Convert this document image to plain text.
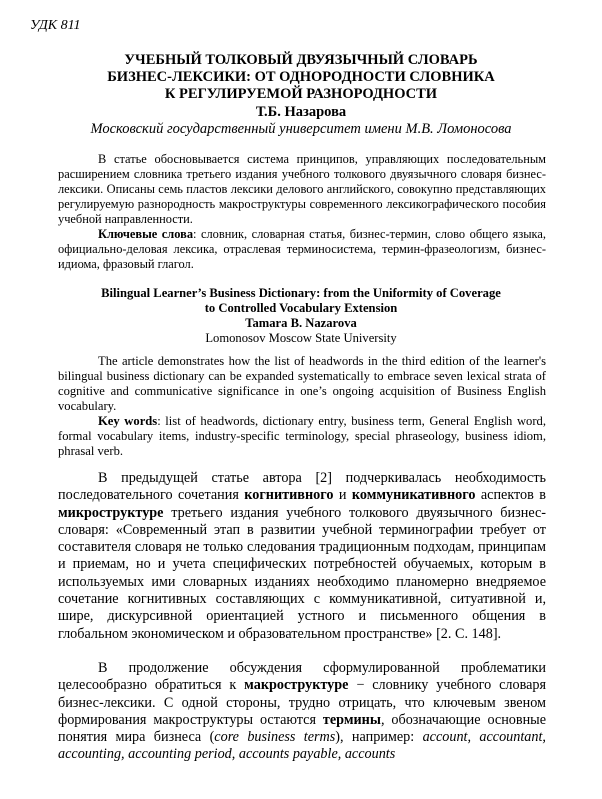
УДК 811
УЧЕБНЫЙ ТОЛКОВЫЙ ДВУЯЗЫЧНЫЙ СЛОВАРЬ
БИЗНЕС-ЛЕКСИКИ: ОТ ОДНОРОДНОСТИ СЛОВНИКА
К РЕГУЛИРУЕМОЙ РАЗНОРОДНОСТИ
Т.Б. Назарова
Московский государственный университет имени М.В. Ломоносова
В статье обосновывается система принципов, управляющих последовательным расширением словника третьего издания учебного толкового двуязычного словаря бизнес-лексики. Описаны семь пластов лексики делового английского, совокупно представляющих регулируемую разнородность макроструктуры современного лексикографического пособия учебной направленности.
Ключевые слова: словник, словарная статья, бизнес-термин, слово общего языка, официально-деловая лексика, отраслевая терминосистема, термин-фразеологизм, бизнес-идиома, фразовый глагол.
Bilingual Learner’s Business Dictionary: from the Uniformity of Coverage
to Controlled Vocabulary Extension
Tamara B. Nazarova
Lomonosov Moscow State University
The article demonstrates how the list of headwords in the third edition of the learner's bilingual business dictionary can be expanded systematically to embrace seven lexical strata of cognitive and communicative significance in one’s ongoing acquisition of Business English vocabulary.
Key words: list of headwords, dictionary entry, business term, General English word, formal vocabulary items, industry-specific terminology, special phraseology, business idiom, phrasal verb.
В предыдущей статье автора [2] подчеркивалась необходимость последовательного сочетания когнитивного и коммуникативного аспектов в микроструктуре третьего издания учебного толкового двуязычного бизнес-словаря: «Современный этап в развитии учебной терминографии требует от составителя словаря не только следования традиционным подходам, принципам и приемам, но и учета специфических потребностей обучаемых, которым в используемых ими словарных изданиях необходимо планомерно внедряемое сочетание когнитивных составляющих с коммуникативной, ситуативной и, шире, дискурсивной ориентацией устного и письменного общения в глобальном экономическом и образовательном пространстве» [2. С. 148].
В продолжение обсуждения сформулированной проблематики целесообразно обратиться к макроструктуре − словнику учебного словаря бизнес-лексики. С одной стороны, трудно отрицать, что ключевым звеном формирования макроструктуры остаются термины, обозначающие основные понятия мира бизнеса (core business terms), например: account, accountant, accounting, accounting period, accounts payable, accounts
